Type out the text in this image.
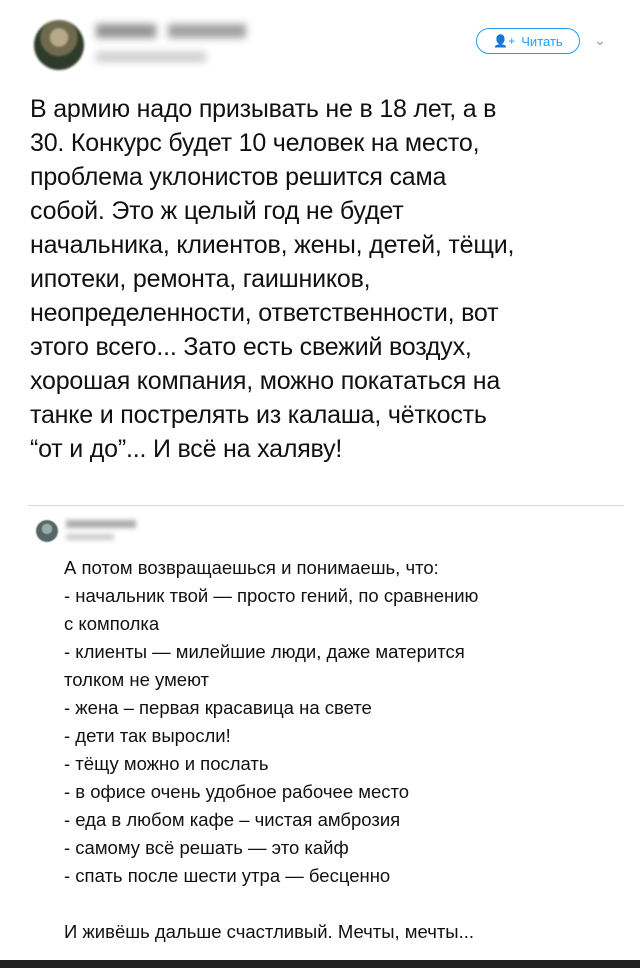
👤+ Читать ⌄
В армию надо призывать не в 18 лет, а в
30. Конкурс будет 10 человек на место,
проблема уклонистов решится сама
собой. Это ж целый год не будет
начальника, клиентов, жены, детей, тёщи,
ипотеки, ремонта, гаишников,
неопределенности, ответственности, вот
этого всего... Зато есть свежий воздух,
хорошая компания, можно покататься на
танке и пострелять из калаша, чёткость
“от и до”... И всё на халяву!
А потом возвращаешься и понимаешь, что:
- начальник твой — просто гений, по сравнению
с комполка
- клиенты — милейшие люди, даже матерится
толком не умеют
- жена – первая красавица на свете
- дети так выросли!
- тёщу можно и послать
- в офисе очень удобное рабочее место
- еда в любом кафе – чистая амброзия
- самому всё решать — это кайф
- спать после шести утра — бесценно
И живёшь дальше счастливый. Мечты, мечты...
